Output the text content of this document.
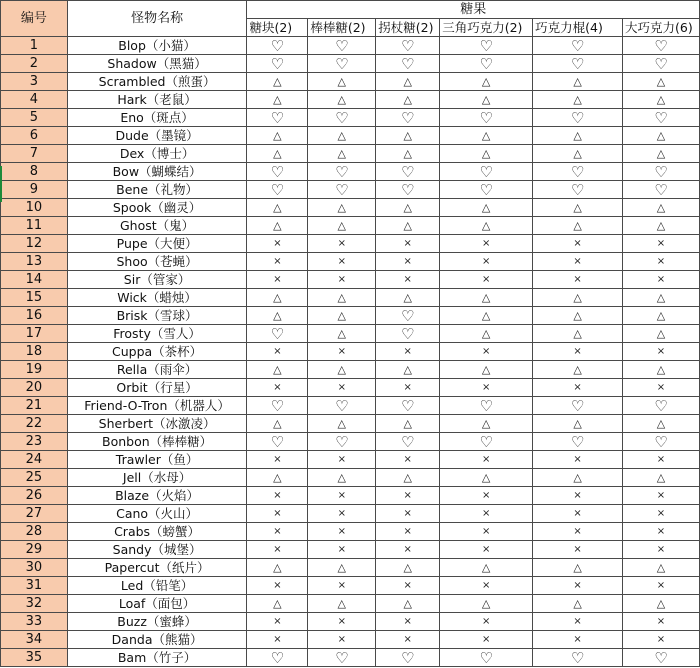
编号	怪物名称	糖果					
		糖块(2)	棒棒糖(2)	拐杖糖(2)	三角巧克力(2)	巧克力棍(4)	大巧克力(6)
1	Blop（小猫）	♡	♡	♡	♡	♡	♡
2	Shadow（黑猫）	♡	♡	♡	♡	♡	♡
3	Scrambled（煎蛋）	△	△	△	△	△	△
4	Hark（老鼠）	△	△	△	△	△	△
5	Eno（斑点）	♡	♡	♡	♡	♡	♡
6	Dude（墨镜）	△	△	△	△	△	△
7	Dex（博士）	△	△	△	△	△	△
8	Bow（蝴蝶结）	♡	♡	♡	♡	♡	♡
9	Bene（礼物）	♡	♡	♡	♡	♡	♡
10	Spook（幽灵）	△	△	△	△	△	△
11	Ghost（鬼）	△	△	△	△	△	△
12	Pupe（大便）	×	×	×	×	×	×
13	Shoo（苍蝇）	×	×	×	×	×	×
14	Sir（管家）	×	×	×	×	×	×
15	Wick（蜡烛）	△	△	△	△	△	△
16	Brisk（雪球）	△	△	♡	△	△	△
17	Frosty（雪人）	♡	△	♡	△	△	△
18	Cuppa（茶杯）	×	×	×	×	×	×
19	Rella（雨伞）	△	△	△	△	△	△
20	Orbit（行星）	×	×	×	×	×	×
21	Friend-O-Tron（机器人）	♡	♡	♡	♡	♡	♡
22	Sherbert（冰激凌）	△	△	△	△	△	△
23	Bonbon（棒棒糖）	♡	♡	♡	♡	♡	♡
24	Trawler（鱼）	×	×	×	×	×	×
25	Jell（水母）	△	△	△	△	△	△
26	Blaze（火焰）	×	×	×	×	×	×
27	Cano（火山）	×	×	×	×	×	×
28	Crabs（螃蟹）	×	×	×	×	×	×
29	Sandy（城堡）	×	×	×	×	×	×
30	Papercut（纸片）	△	△	△	△	△	△
31	Led（铅笔）	×	×	×	×	×	×
32	Loaf（面包）	△	△	△	△	△	△
33	Buzz（蜜蜂）	×	×	×	×	×	×
34	Danda（熊猫）	×	×	×	×	×	×
35	Bam（竹子）	♡	♡	♡	♡	♡	♡
